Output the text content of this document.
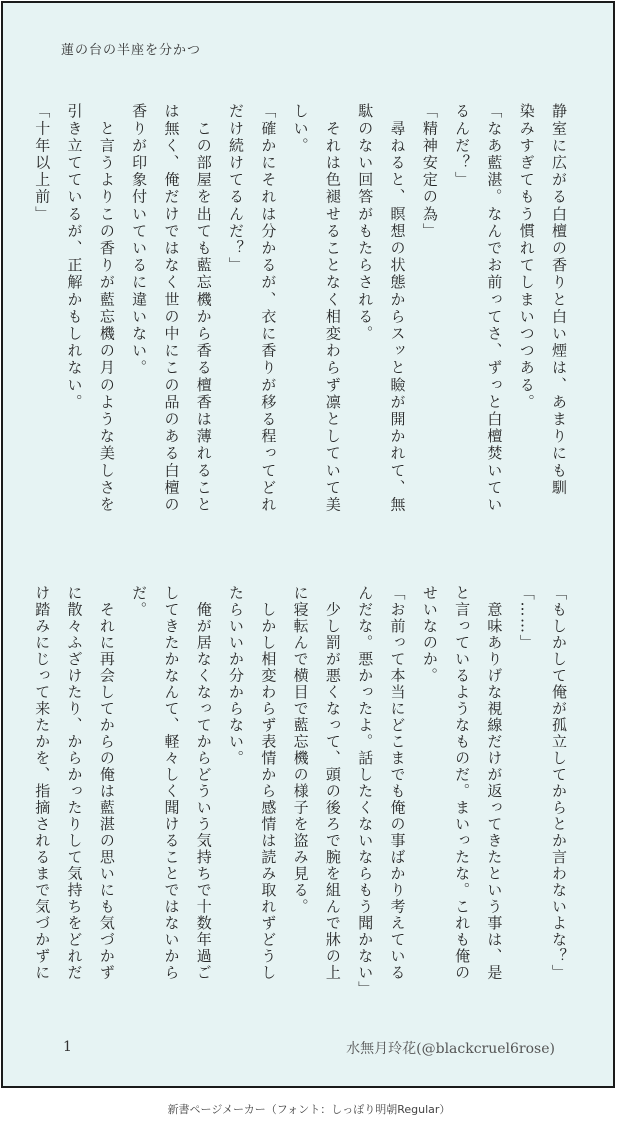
蓮の台の半座を分かつ
静室に広がる白檀の香りと白い煙は、あまりにも馴
染みすぎてもう慣れてしまいつつある。
「なあ藍湛。なんでお前ってさ、ずっと白檀焚いてい
るんだ？」
「精神安定の為」
　尋ねると、瞑想の状態からスッと瞼が開かれて、無
駄のない回答がもたらされる。
　それは色褪せることなく相変わらず凛としていて美
しい。
「確かにそれは分かるが、衣に香りが移る程ってどれ
だけ続けてるんだ？」
　この部屋を出ても藍忘機から香る檀香は薄れること
は無く、俺だけではなく世の中にこの品のある白檀の
香りが印象付いているに違いない。
　と言うよりこの香りが藍忘機の月のような美しさを
引き立てているが、正解かもしれない。
「十年以上前」
「もしかして俺が孤立してからとか言わないよな？」
「……」
　意味ありげな視線だけが返ってきたという事は、是
と言っているようなものだ。まいったな。これも俺の
せいなのか。
「お前って本当にどこまでも俺の事ばかり考えている
んだな。悪かったよ。話したくないならもう聞かない」
　少し罰が悪くなって、頭の後ろで腕を組んで牀の上
に寝転んで横目で藍忘機の様子を盗み見る。
　しかし相変わらず表情から感情は読み取れずどうし
たらいいか分からない。
　俺が居なくなってからどういう気持ちで十数年過ご
してきたかなんて、軽々しく聞けることではないから
だ。
　それに再会してからの俺は藍湛の思いにも気づかず
に散々ふざけたり、からかったりして気持ちをどれだ
け踏みにじって来たかを、指摘されるまで気づかずに
1	水無月玲花(@blackcruel6rose)
新書ページメーカー（フォント：しっぽり明朝Regular）
